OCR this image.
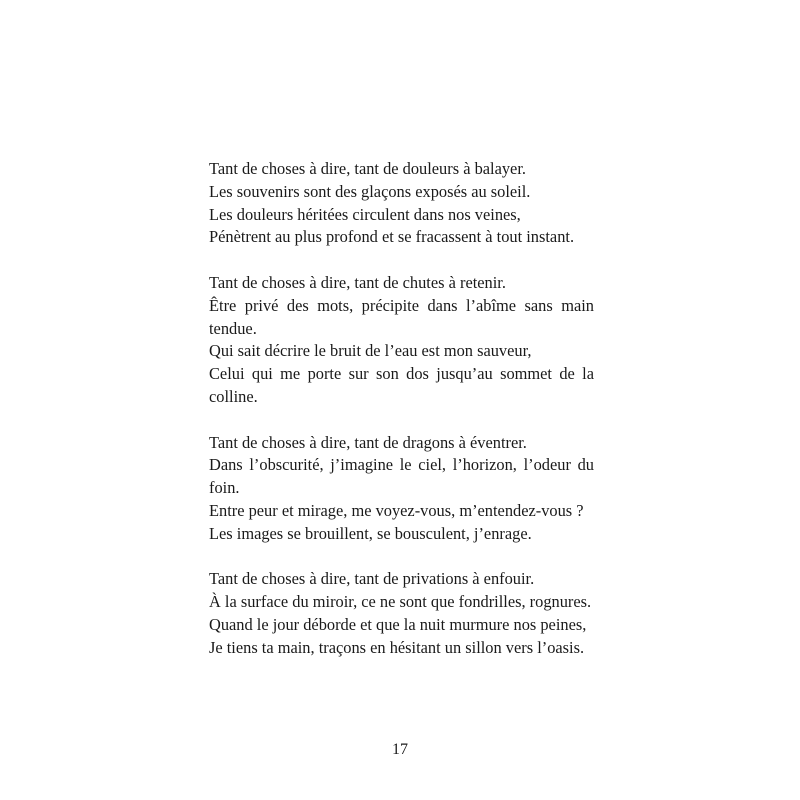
Tant de choses à dire, tant de douleurs à balayer.
Les souvenirs sont des glaçons exposés au soleil.
Les douleurs héritées circulent dans nos veines,
Pénètrent au plus profond et se fracassent à tout instant.
Tant de choses à dire, tant de chutes à retenir.
Être privé des mots, précipite dans l’abîme sans main tendue.
Qui sait décrire le bruit de l’eau est mon sauveur,
Celui qui me porte sur son dos jusqu’au sommet de la colline.
Tant de choses à dire, tant de dragons à éventrer.
Dans l’obscurité, j’imagine le ciel, l’horizon, l’odeur du foin.
Entre peur et mirage, me voyez-vous, m’entendez-vous ?
Les images se brouillent, se bousculent, j’enrage.
Tant de choses à dire, tant de privations à enfouir.
À la surface du miroir, ce ne sont que fondrilles, rognures.
Quand le jour déborde et que la nuit murmure nos peines,
Je tiens ta main, traçons en hésitant un sillon vers l’oasis.
17
